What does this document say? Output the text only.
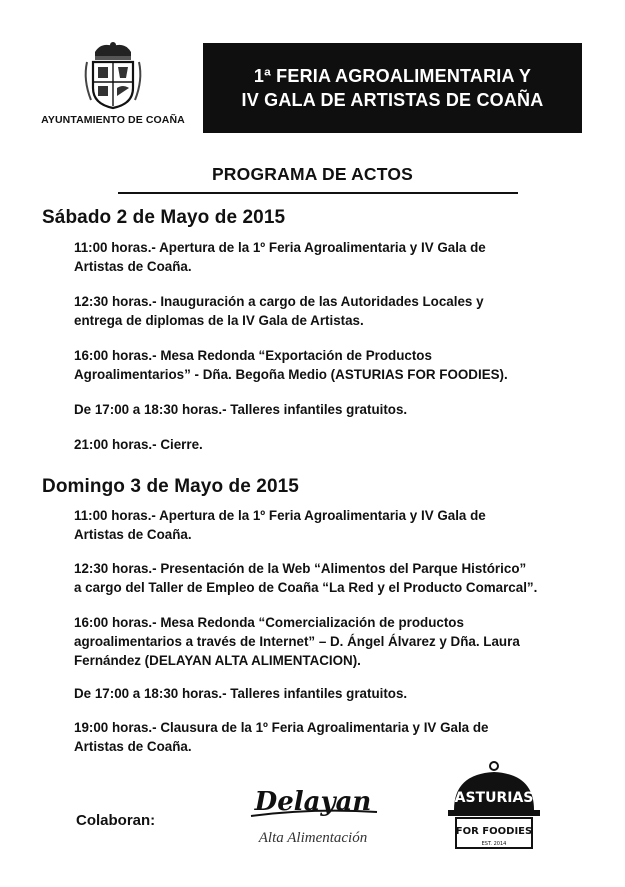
AYUNTAMIENTO DE COAÑA
1ª FERIA AGROALIMENTARIA Y
IV GALA DE ARTISTAS DE COAÑA
PROGRAMA DE ACTOS
Sábado 2 de Mayo de 2015
11:00 horas.- Apertura de la 1º Feria Agroalimentaria y IV Gala de
Artistas de Coaña.
12:30 horas.- Inauguración a cargo de las Autoridades Locales y
entrega de diplomas de la IV Gala de Artistas.
16:00 horas.- Mesa Redonda “Exportación de Productos
Agroalimentarios” - Dña. Begoña Medio (ASTURIAS FOR FOODIES).
De 17:00 a 18:30 horas.- Talleres infantiles gratuitos.
21:00 horas.- Cierre.
Domingo 3 de Mayo de 2015
11:00 horas.- Apertura de la 1º Feria Agroalimentaria y IV Gala de
Artistas de Coaña.
12:30 horas.- Presentación de la Web “Alimentos del Parque Histórico”
a cargo del Taller de Empleo de Coaña “La Red y el Producto Comarcal”.
16:00 horas.- Mesa Redonda “Comercialización de productos
agroalimentarios a través de Internet” – D. Ángel Álvarez y Dña. Laura
Fernández (DELAYAN ALTA ALIMENTACION).
De 17:00 a 18:30 horas.- Talleres infantiles gratuitos.
19:00 horas.- Clausura de la 1º Feria Agroalimentaria y IV Gala de
Artistas de Coaña.
Colaboran:
Delayan
Alta Alimentación
ASTURIAS
FOR FOODIES
EST. 2014
